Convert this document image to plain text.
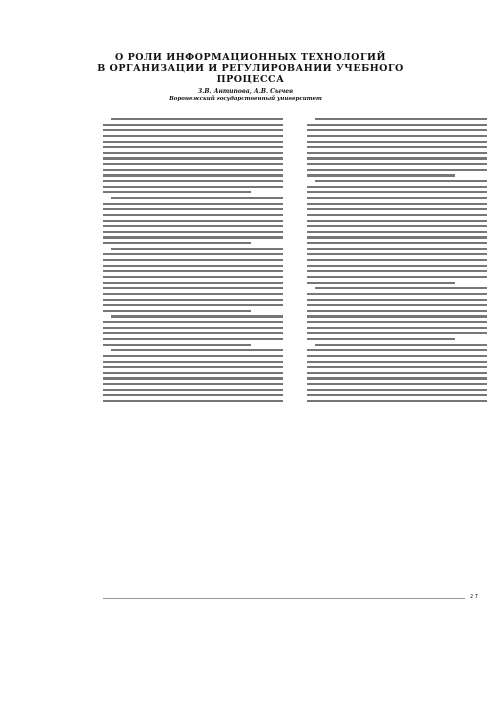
О РОЛИ ИНФОРМАЦИОННЫХ ТЕХНОЛОГИЙ
В ОРГАНИЗАЦИИ И РЕГУЛИРОВАНИИ УЧЕБНОГО
ПРОЦЕССА
З.В. Антипова, А.В. Сычев
Воронежский государственный университет
2 7
